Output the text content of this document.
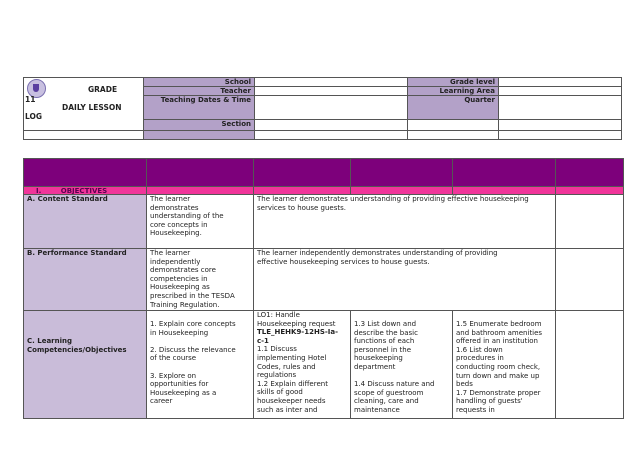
GRADE
11
DAILY LESSON
LOG
School
Teacher
Teaching Dates & Time
Section
Grade level
Learning Area
Quarter
I.        OBJECTIVES
A. Content Standard	The learner
demonstrates
understanding of the
core concepts in
Housekeeping.
The learner demonstrates understanding of providing effective housekeeping
services to house guests.
B. Performance Standard	The learner
independently
demonstrates core
competencies in
Housekeeping as
prescribed in the TESDA
Training Regulation.
The learner independently demonstrates understanding of providing
effective housekeeping services to house guests.
C. Learning
Competencies/Objectives
1. Explain core concepts
in Housekeeping

2. Discuss the relevance
of the course

3. Explore on
opportunities for
Housekeeping as a
career
LO1: Handle
Housekeeping request
TLE_HEHK9-12HS-Ia-
c-1
1.1 Discuss
implementing Hotel
Codes, rules and
regulations
1.2 Explain different
skills of good
housekeeper needs
such as inter and
1.3 List down and
describe the basic
functions of each
personnel in the
housekeeping
department

1.4 Discuss nature and
scope of guestroom
cleaning, care and
maintenance
1.5 Enumerate bedroom
and bathroom amenities
offered in an institution
1.6 List down
procedures in
conducting room check,
turn down and make up
beds
1.7 Demonstrate proper
handling of guests'
requests in
